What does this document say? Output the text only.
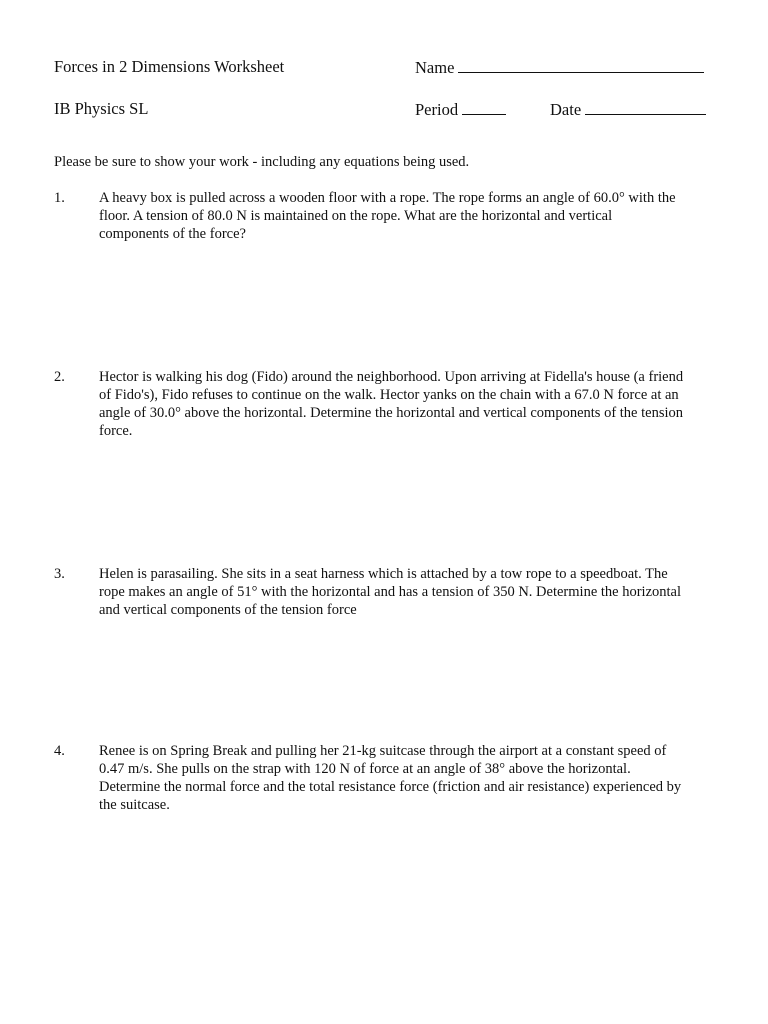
Forces in 2 Dimensions Worksheet	Name
IB Physics SL	Period	Date
Please be sure to show your work - including any equations being used.
1. A heavy box is pulled across a wooden floor with a rope. The rope forms an angle of 60.0° with the
floor. A tension of 80.0 N is maintained on the rope. What are the horizontal and vertical
components of the force?
2. Hector is walking his dog (Fido) around the neighborhood. Upon arriving at Fidella's house (a friend
of Fido's), Fido refuses to continue on the walk. Hector yanks on the chain with a 67.0 N force at an
angle of 30.0° above the horizontal. Determine the horizontal and vertical components of the tension
force.
3. Helen is parasailing. She sits in a seat harness which is attached by a tow rope to a speedboat. The
rope makes an angle of 51° with the horizontal and has a tension of 350 N. Determine the horizontal
and vertical components of the tension force
4. Renee is on Spring Break and pulling her 21-kg suitcase through the airport at a constant speed of
0.47 m/s. She pulls on the strap with 120 N of force at an angle of 38° above the horizontal.
Determine the normal force and the total resistance force (friction and air resistance) experienced by
the suitcase.
